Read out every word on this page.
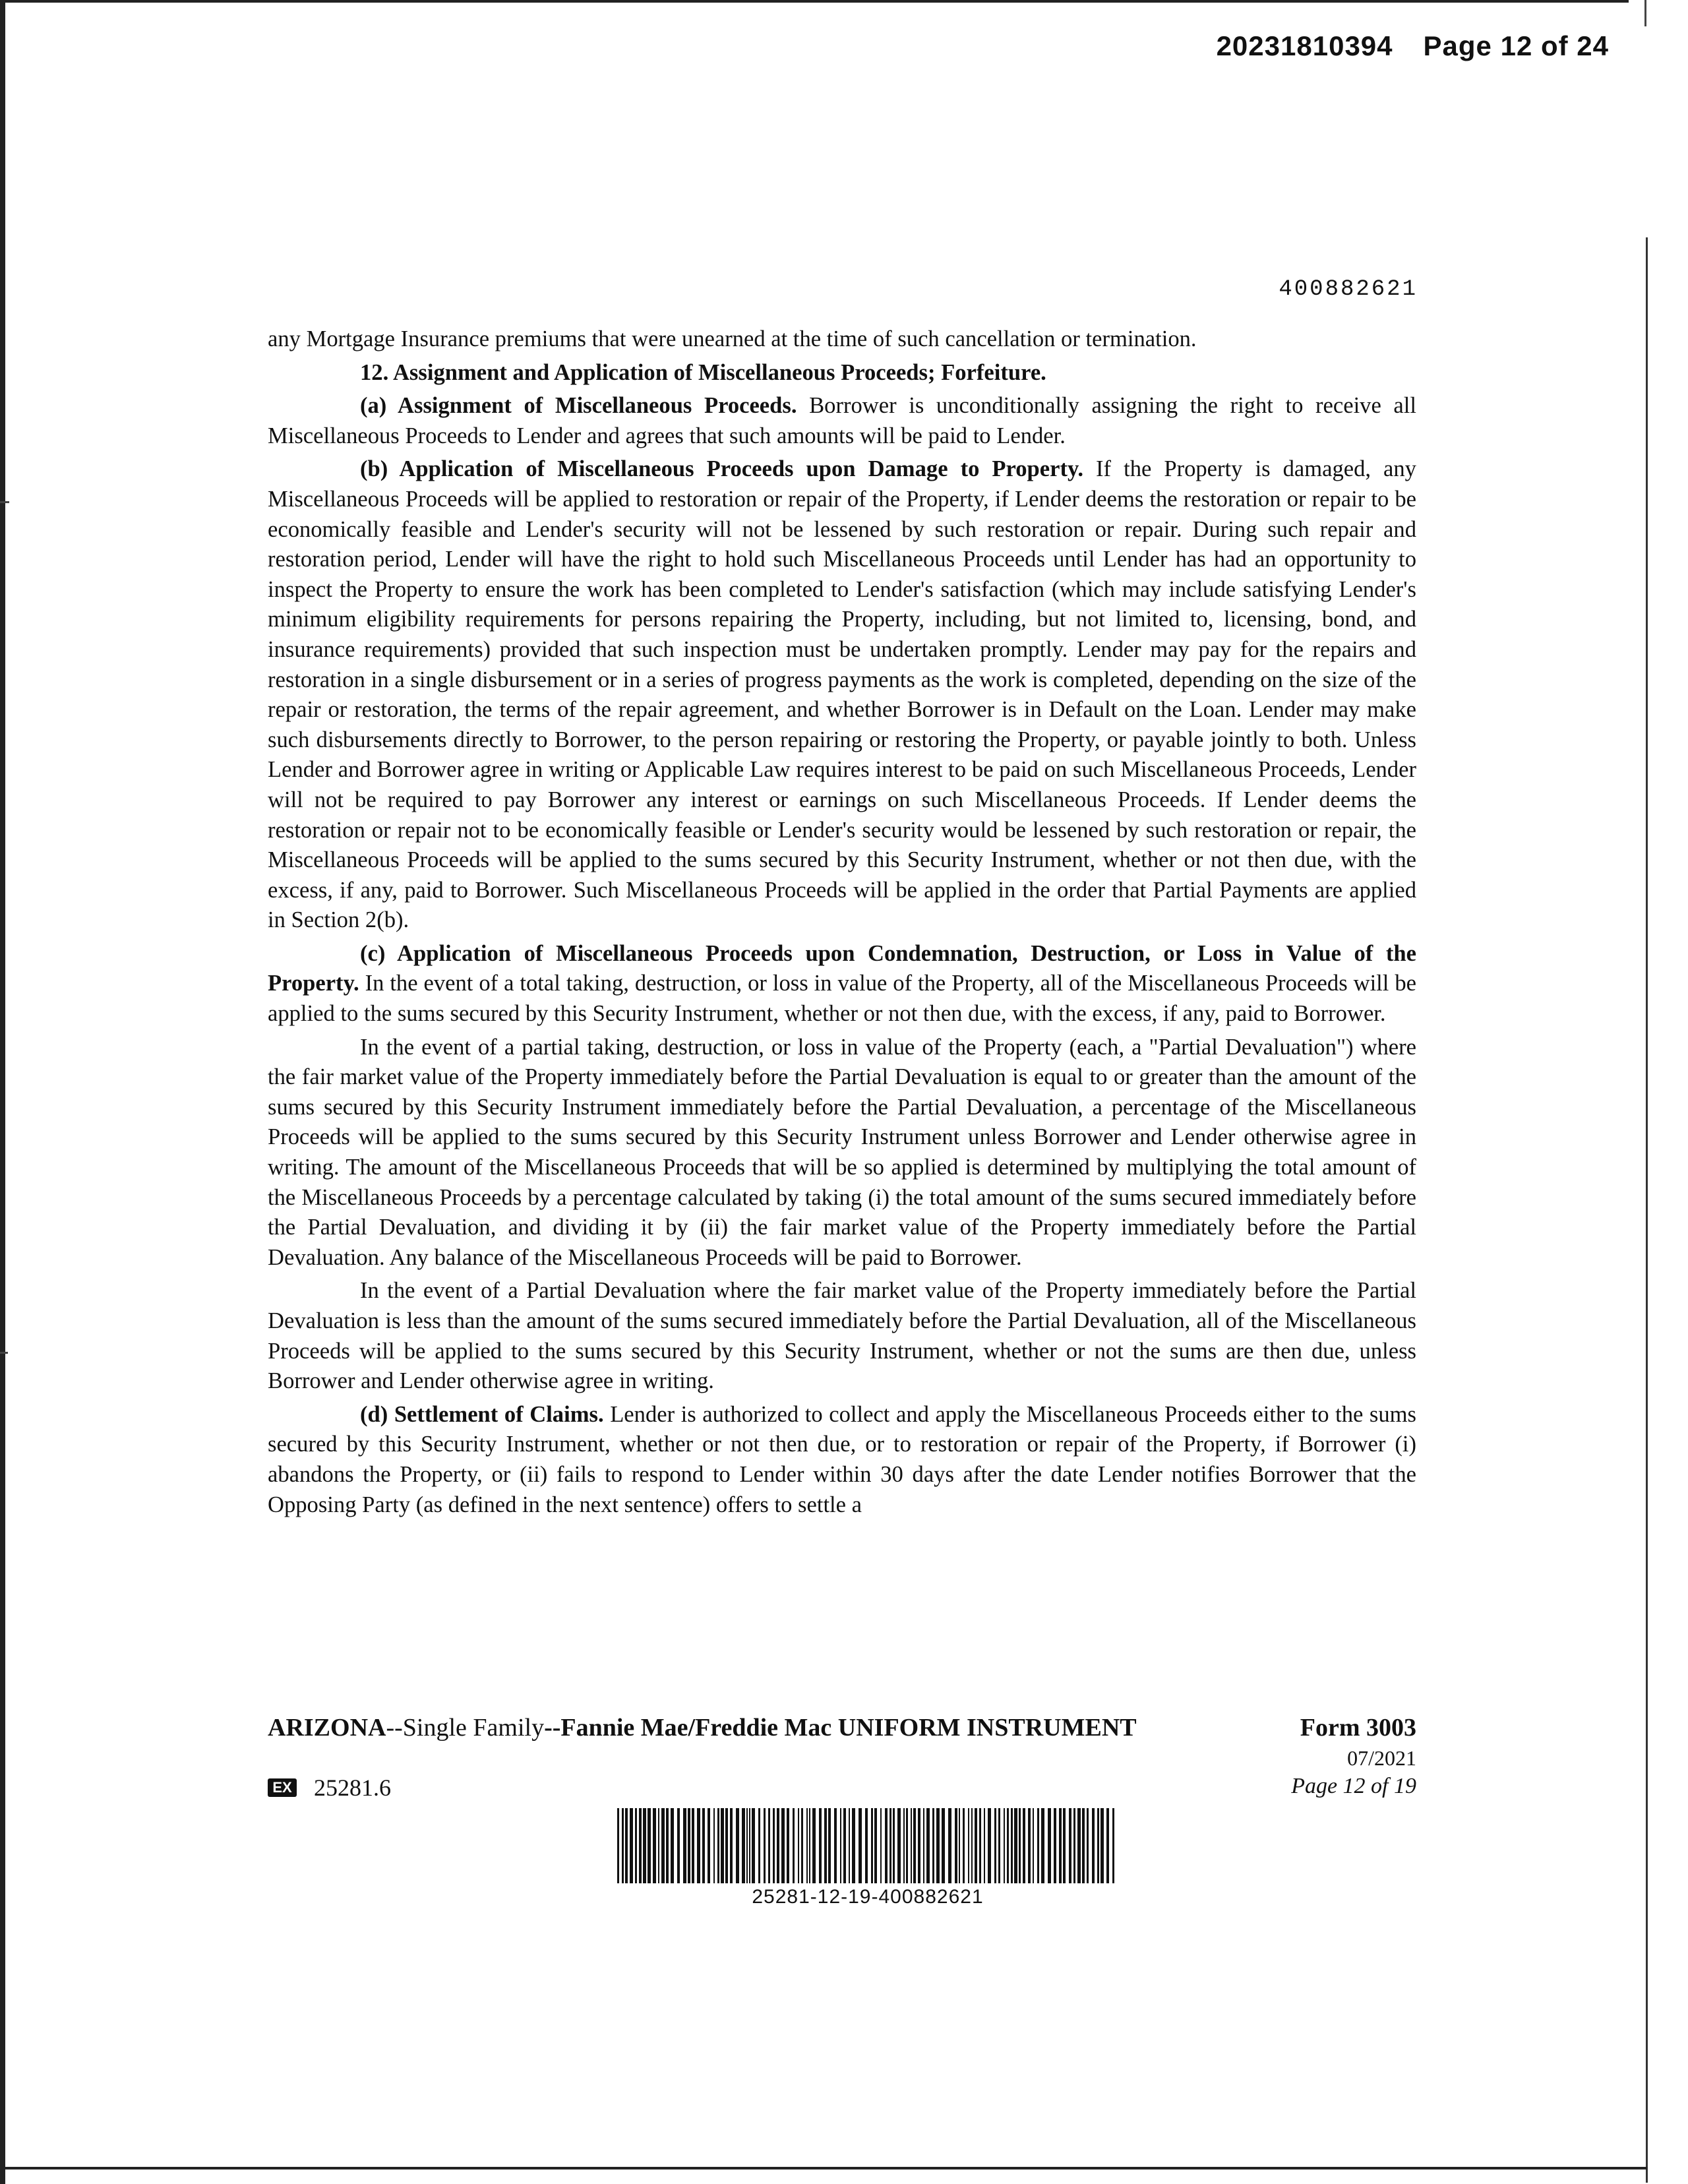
20231810394 Page 12 of 24
400882621

any Mortgage Insurance premiums that were unearned at the time of such cancellation or termination.

12. Assignment and Application of Miscellaneous Proceeds; Forfeiture.

(a) Assignment of Miscellaneous Proceeds. Borrower is unconditionally assigning the right to receive all Miscellaneous Proceeds to Lender and agrees that such amounts will be paid to Lender.

(b) Application of Miscellaneous Proceeds upon Damage to Property. If the Property is damaged, any Miscellaneous Proceeds will be applied to restoration or repair of the Property, if Lender deems the restoration or repair to be economically feasible and Lender's security will not be lessened by such restoration or repair. During such repair and restoration period, Lender will have the right to hold such Miscellaneous Proceeds until Lender has had an opportunity to inspect the Property to ensure the work has been completed to Lender's satisfaction (which may include satisfying Lender's minimum eligibility requirements for persons repairing the Property, including, but not limited to, licensing, bond, and insurance requirements) provided that such inspection must be undertaken promptly. Lender may pay for the repairs and restoration in a single disbursement or in a series of progress payments as the work is completed, depending on the size of the repair or restoration, the terms of the repair agreement, and whether Borrower is in Default on the Loan. Lender may make such disbursements directly to Borrower, to the person repairing or restoring the Property, or payable jointly to both. Unless Lender and Borrower agree in writing or Applicable Law requires interest to be paid on such Miscellaneous Proceeds, Lender will not be required to pay Borrower any interest or earnings on such Miscellaneous Proceeds. If Lender deems the restoration or repair not to be economically feasible or Lender's security would be lessened by such restoration or repair, the Miscellaneous Proceeds will be applied to the sums secured by this Security Instrument, whether or not then due, with the excess, if any, paid to Borrower. Such Miscellaneous Proceeds will be applied in the order that Partial Payments are applied in Section 2(b).

(c) Application of Miscellaneous Proceeds upon Condemnation, Destruction, or Loss in Value of the Property. In the event of a total taking, destruction, or loss in value of the Property, all of the Miscellaneous Proceeds will be applied to the sums secured by this Security Instrument, whether or not then due, with the excess, if any, paid to Borrower.

In the event of a partial taking, destruction, or loss in value of the Property (each, a "Partial Devaluation") where the fair market value of the Property immediately before the Partial Devaluation is equal to or greater than the amount of the sums secured by this Security Instrument immediately before the Partial Devaluation, a percentage of the Miscellaneous Proceeds will be applied to the sums secured by this Security Instrument unless Borrower and Lender otherwise agree in writing. The amount of the Miscellaneous Proceeds that will be so applied is determined by multiplying the total amount of the Miscellaneous Proceeds by a percentage calculated by taking (i) the total amount of the sums secured immediately before the Partial Devaluation, and dividing it by (ii) the fair market value of the Property immediately before the Partial Devaluation. Any balance of the Miscellaneous Proceeds will be paid to Borrower.

In the event of a Partial Devaluation where the fair market value of the Property immediately before the Partial Devaluation is less than the amount of the sums secured immediately before the Partial Devaluation, all of the Miscellaneous Proceeds will be applied to the sums secured by this Security Instrument, whether or not the sums are then due, unless Borrower and Lender otherwise agree in writing.

(d) Settlement of Claims. Lender is authorized to collect and apply the Miscellaneous Proceeds either to the sums secured by this Security Instrument, whether or not then due, or to restoration or repair of the Property, if Borrower (i) abandons the Property, or (ii) fails to respond to Lender within 30 days after the date Lender notifies Borrower that the Opposing Party (as defined in the next sentence) offers to settle a

ARIZONA--Single Family--Fannie Mae/Freddie Mac UNIFORM INSTRUMENT	Form 3003
07/2021
Page 12 of 19
EX 25281.6
25281-12-19-400882621
